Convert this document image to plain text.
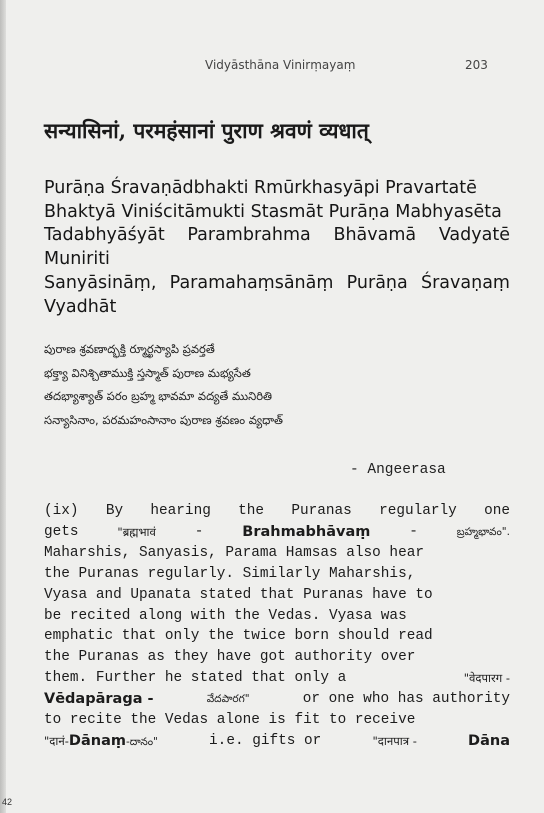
Vidyāsthāna Vinirṃayaṃ	203
सन्यासिनां, परमहंसानां पुराण श्रवणं व्यधात्
Purāṇa Śravaṇādbhakti Rmūrkhasyāpi Pravartatē
Bhaktyā Viniścitāmukti Stasmāt Purāṇa Mabhyasēta
Tadabhyāśyāt Parambrahma Bhāvamā Vadyatē
Muniriti
Sanyāsināṃ, Paramahaṃsānāṃ Purāṇa Śravaṇaṃ
Vyadhāt
పురాణ శ్రవణాద్భక్తి ర్మూర్ఖస్యాపి ప్రవర్తతే
భక్త్యా వినిశ్చితాముక్తి స్తస్మాత్ పురాణ మభ్యసేత
తదభ్యాశ్యాత్ పరం బ్రహ్మ భావమా వద్యతే మునిరితి
సన్యాసినాం, పరమహంసానాం పురాణ శ్రవణం వ్యధాత్
- Angeerasa
(ix) By hearing the Puranas regularly one
gets	"ब्रह्मभावं	-	Brahmabhāvaṃ	-	బ్రహ్మభావం".
Maharshis, Sanyasis, Parama Hamsas also hear
the Puranas regularly. Similarly Maharshis,
Vyasa and Upanata stated that Puranas have to
be recited along with the Vedas. Vyasa was
emphatic that only the twice born should read
the Puranas as they have got authority over
them. Further he stated that only a	"वेदपारग -
Vēdapāraga -	వేదపారగ"	or one who has authority
to recite the Vedas alone is fit to receive
"दानं-Dānaṃ-దానం"	i.e. gifts or	"दानपात्र -	Dāna
42
